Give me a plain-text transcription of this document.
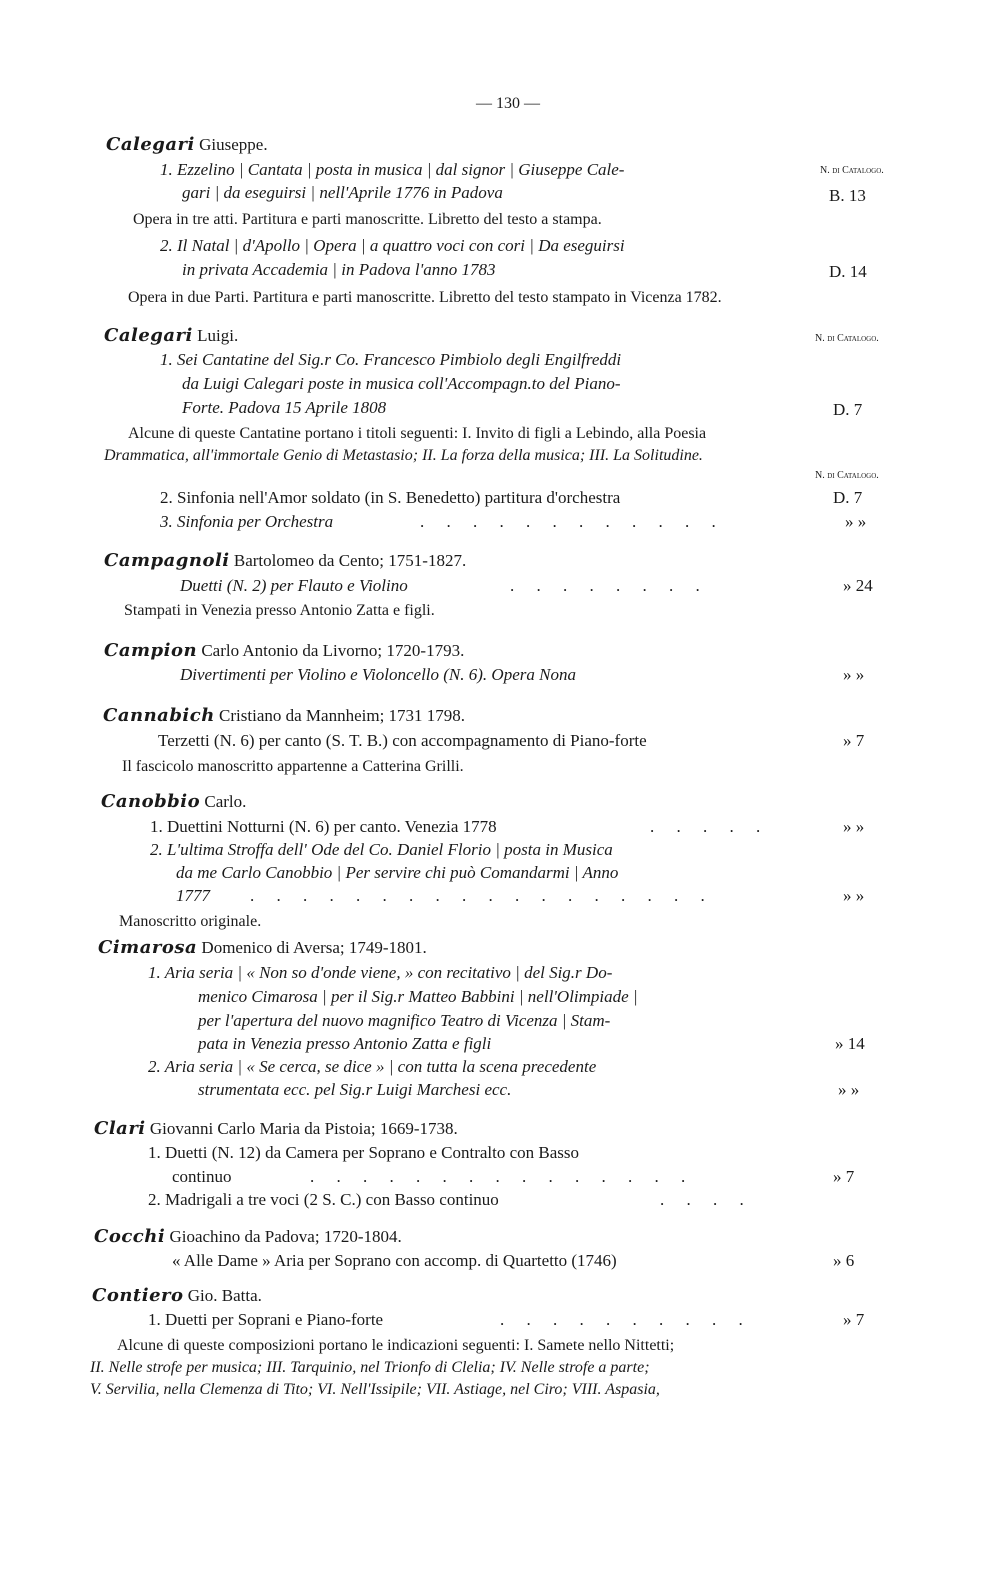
— 130 —
Calegari Giuseppe.
N. di Catalogo.
1. Ezzelino | Cantata | posta in musica | dal signor | Giuseppe Cale-
gari | da eseguirsi | nell'Aprile 1776 in Padova	B. 13
Opera in tre atti. Partitura e parti manoscritte. Libretto del testo a stampa.
2. Il Natal | d'Apollo | Opera | a quattro voci con cori | Da eseguirsi
in privata Accademia | in Padova l'anno 1783	D. 14
Opera in due Parti. Partitura e parti manoscritte. Libretto del testo stampato in Vicenza 1782.
Calegari Luigi.	N. di Catalogo.
1. Sei Cantatine del Sig.r Co. Francesco Pimbiolo degli Engilfreddi
da Luigi Calegari poste in musica coll'Accompagn.to del Piano-
Forte. Padova 15 Aprile 1808	D. 7
Alcune di queste Cantatine portano i titoli seguenti: I. Invito di figli a Lebindo, alla Poesia
Drammatica, all'immortale Genio di Metastasio; II. La forza della musica; III. La Solitudine.
N. di Catalogo.
2. Sinfonia nell'Amor soldato (in S. Benedetto) partitura d'orchestra	D. 7
3. Sinfonia per Orchestra	. . . . . . . . . . . .	» »
Campagnoli Bartolomeo da Cento; 1751-1827.
Duetti (N. 2) per Flauto e Violino	. . . . . . . .	» 24
Stampati in Venezia presso Antonio Zatta e figli.
Campion Carlo Antonio da Livorno; 1720-1793.
Divertimenti per Violino e Violoncello (N. 6). Opera Nona	» »
Cannabich Cristiano da Mannheim; 1731 1798.
Terzetti (N. 6) per canto (S. T. B.) con accompagnamento di Piano-forte	» 7
Il fascicolo manoscritto appartenne a Catterina Grilli.
Canobbio Carlo.
1. Duettini Notturni (N. 6) per canto. Venezia 1778	. . . . .	» »
2. L'ultima Stroffa dell' Ode del Co. Daniel Florio | posta in Musica
da me Carlo Canobbio | Per servire chi può Comandarmi | Anno
1777 . . . . . . . . . . . . . . . . . .	» »
Manoscritto originale.
Cimarosa Domenico di Aversa; 1749-1801.
1. Aria seria | « Non so d'onde viene, » con recitativo | del Sig.r Do-
menico Cimarosa | per il Sig.r Matteo Babbini | nell'Olimpiade |
per l'apertura del nuovo magnifico Teatro di Vicenza | Stam-
pata in Venezia presso Antonio Zatta e figli	» 14
2. Aria seria | « Se cerca, se dice » | con tutta la scena precedente
strumentata ecc. pel Sig.r Luigi Marchesi ecc.	» »
Clari Giovanni Carlo Maria da Pistoia; 1669-1738.
1. Duetti (N. 12) da Camera per Soprano e Contralto con Basso
continuo	. . . . . . . . . . . . . . .	» 7
2. Madrigali a tre voci (2 S. C.) con Basso continuo	. . . .
Cocchi Gioachino da Padova; 1720-1804.
« Alle Dame » Aria per Soprano con accomp. di Quartetto (1746)	» 6
Contiero Gio. Batta.
1. Duetti per Soprani e Piano-forte	. . . . . . . . . .	» 7
Alcune di queste composizioni portano le indicazioni seguenti: I. Samete nello Nittetti;
II. Nelle strofe per musica; III. Tarquinio, nel Trionfo di Clelia; IV. Nelle strofe a parte;
V. Servilia, nella Clemenza di Tito; VI. Nell'Issipile; VII. Astiage, nel Ciro; VIII. Aspasia,
